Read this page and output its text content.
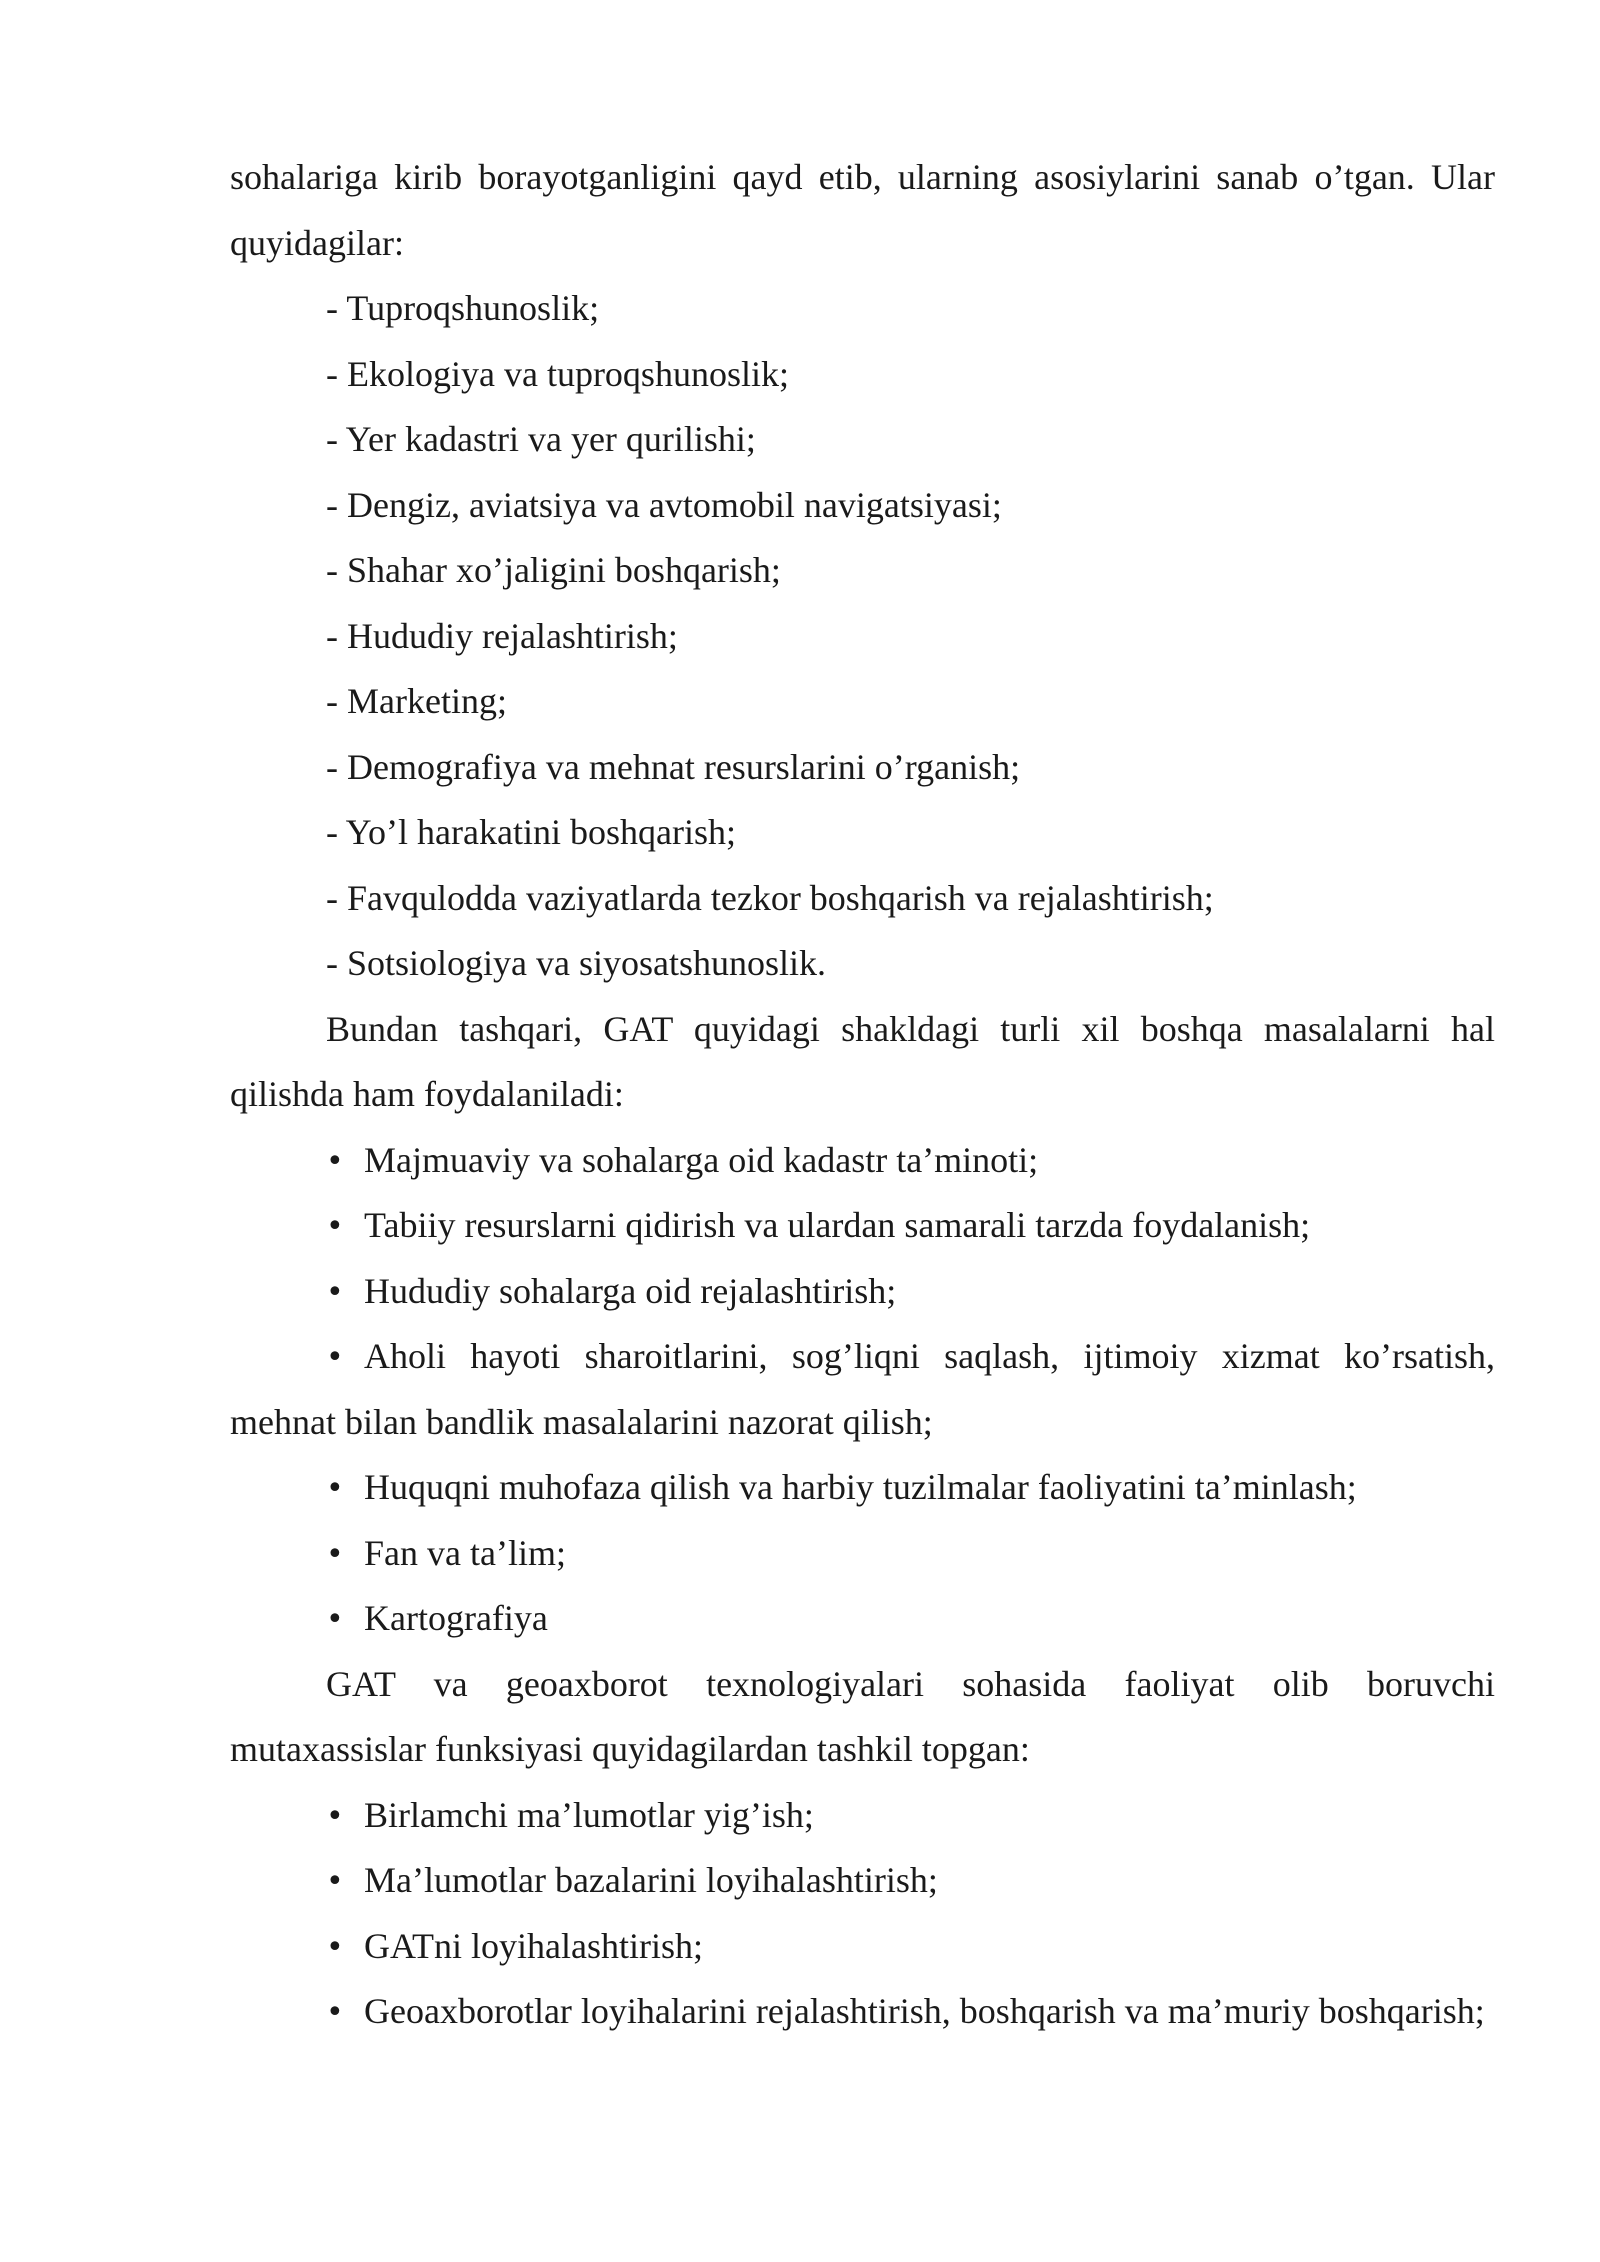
sohalariga kirib borayotganligini qayd etib, ularning asosiylarini sanab o’tgan. Ular quyidagilar:

- Tuproqshunoslik;

- Ekologiya va tuproqshunoslik;

- Yer kadastri va yer qurilishi;

- Dengiz, aviatsiya va avtomobil navigatsiyasi;

- Shahar xo’jaligini boshqarish;

- Hududiy rejalashtirish;

- Marketing;

- Demografiya va mehnat resurslarini o’rganish;

- Yo’l harakatini boshqarish;

- Favqulodda vaziyatlarda tezkor boshqarish va rejalashtirish;

- Sotsiologiya va siyosatshunoslik.

Bundan tashqari, GAT quyidagi shakldagi turli xil boshqa masalalarni hal qilishda ham foydalaniladi:

• Majmuaviy va sohalarga oid kadastr ta’minoti;

• Tabiiy resurslarni qidirish va ulardan samarali tarzda foydalanish;

• Hududiy sohalarga oid rejalashtirish;

• Aholi hayoti sharoitlarini, sog’liqni saqlash, ijtimoiy xizmat ko’rsatish, mehnat bilan bandlik masalalarini nazorat qilish;

• Huquqni muhofaza qilish va harbiy tuzilmalar faoliyatini ta’minlash;

• Fan va ta’lim;

• Kartografiya

GAT va geoaxborot texnologiyalari sohasida faoliyat olib boruvchi mutaxassislar funksiyasi quyidagilardan tashkil topgan:

• Birlamchi ma’lumotlar yig’ish;

• Ma’lumotlar bazalarini loyihalashtirish;

• GATni loyihalashtirish;

• Geoaxborotlar loyihalarini rejalashtirish, boshqarish va ma’muriy boshqarish;
